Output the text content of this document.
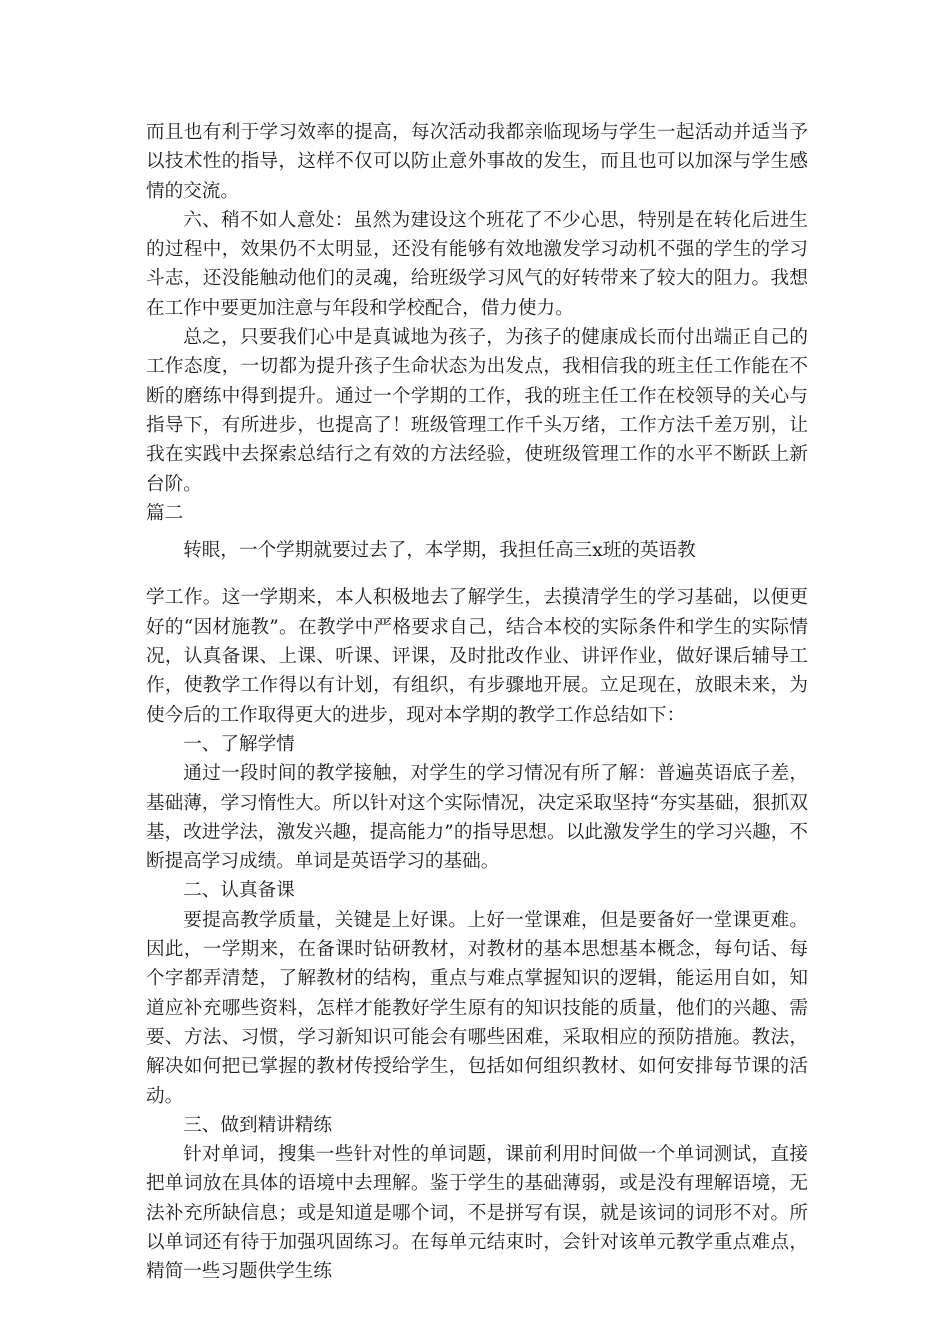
而且也有利于学习效率的提高，每次活动我都亲临现场与学生一起活动并适当予以技术性的指导，这样不仅可以防止意外事故的发生，而且也可以加深与学生感情的交流。

六、稍不如人意处：虽然为建设这个班花了不少心思，特别是在转化后进生的过程中，效果仍不太明显，还没有能够有效地激发学习动机不强的学生的学习斗志，还没能触动他们的灵魂，给班级学习风气的好转带来了较大的阻力。我想在工作中要更加注意与年段和学校配合，借力使力。

总之，只要我们心中是真诚地为孩子，为孩子的健康成长而付出端正自己的工作态度，一切都为提升孩子生命状态为出发点，我相信我的班主任工作能在不断的磨练中得到提升。通过一个学期的工作，我的班主任工作在校领导的关心与指导下，有所进步，也提高了！班级管理工作千头万绪，工作方法千差万别，让我在实践中去探索总结行之有效的方法经验，使班级管理工作的水平不断跃上新台阶。

篇二

转眼，一个学期就要过去了，本学期，我担任高三x班的英语教

学工作。这一学期来，本人积极地去了解学生，去摸清学生的学习基础，以便更好的“因材施教”。在教学中严格要求自己，结合本校的实际条件和学生的实际情况，认真备课、上课、听课、评课，及时批改作业、讲评作业，做好课后辅导工作，使教学工作得以有计划，有组织，有步骤地开展。立足现在，放眼未来，为使今后的工作取得更大的进步，现对本学期的教学工作总结如下：

一、了解学情

通过一段时间的教学接触，对学生的学习情况有所了解：普遍英语底子差，基础薄，学习惰性大。所以针对这个实际情况，决定采取坚持“夯实基础，狠抓双基，改进学法，激发兴趣，提高能力”的指导思想。以此激发学生的学习兴趣，不断提高学习成绩。单词是英语学习的基础。

二、认真备课

要提高教学质量，关键是上好课。上好一堂课难，但是要备好一堂课更难。因此，一学期来，在备课时钻研教材，对教材的基本思想基本概念，每句话、每个字都弄清楚，了解教材的结构，重点与难点掌握知识的逻辑，能运用自如，知道应补充哪些资料，怎样才能教好学生原有的知识技能的质量，他们的兴趣、需要、方法、习惯，学习新知识可能会有哪些困难，采取相应的预防措施。教法，解决如何把已掌握的教材传授给学生，包括如何组织教材、如何安排每节课的活动。

三、做到精讲精练

针对单词，搜集一些针对性的单词题，课前利用时间做一个单词测试，直接把单词放在具体的语境中去理解。鉴于学生的基础薄弱，或是没有理解语境，无法补充所缺信息；或是知道是哪个词，不是拼写有误，就是该词的词形不对。所以单词还有待于加强巩固练习。在每单元结束时，会针对该单元教学重点难点，精简一些习题供学生练
